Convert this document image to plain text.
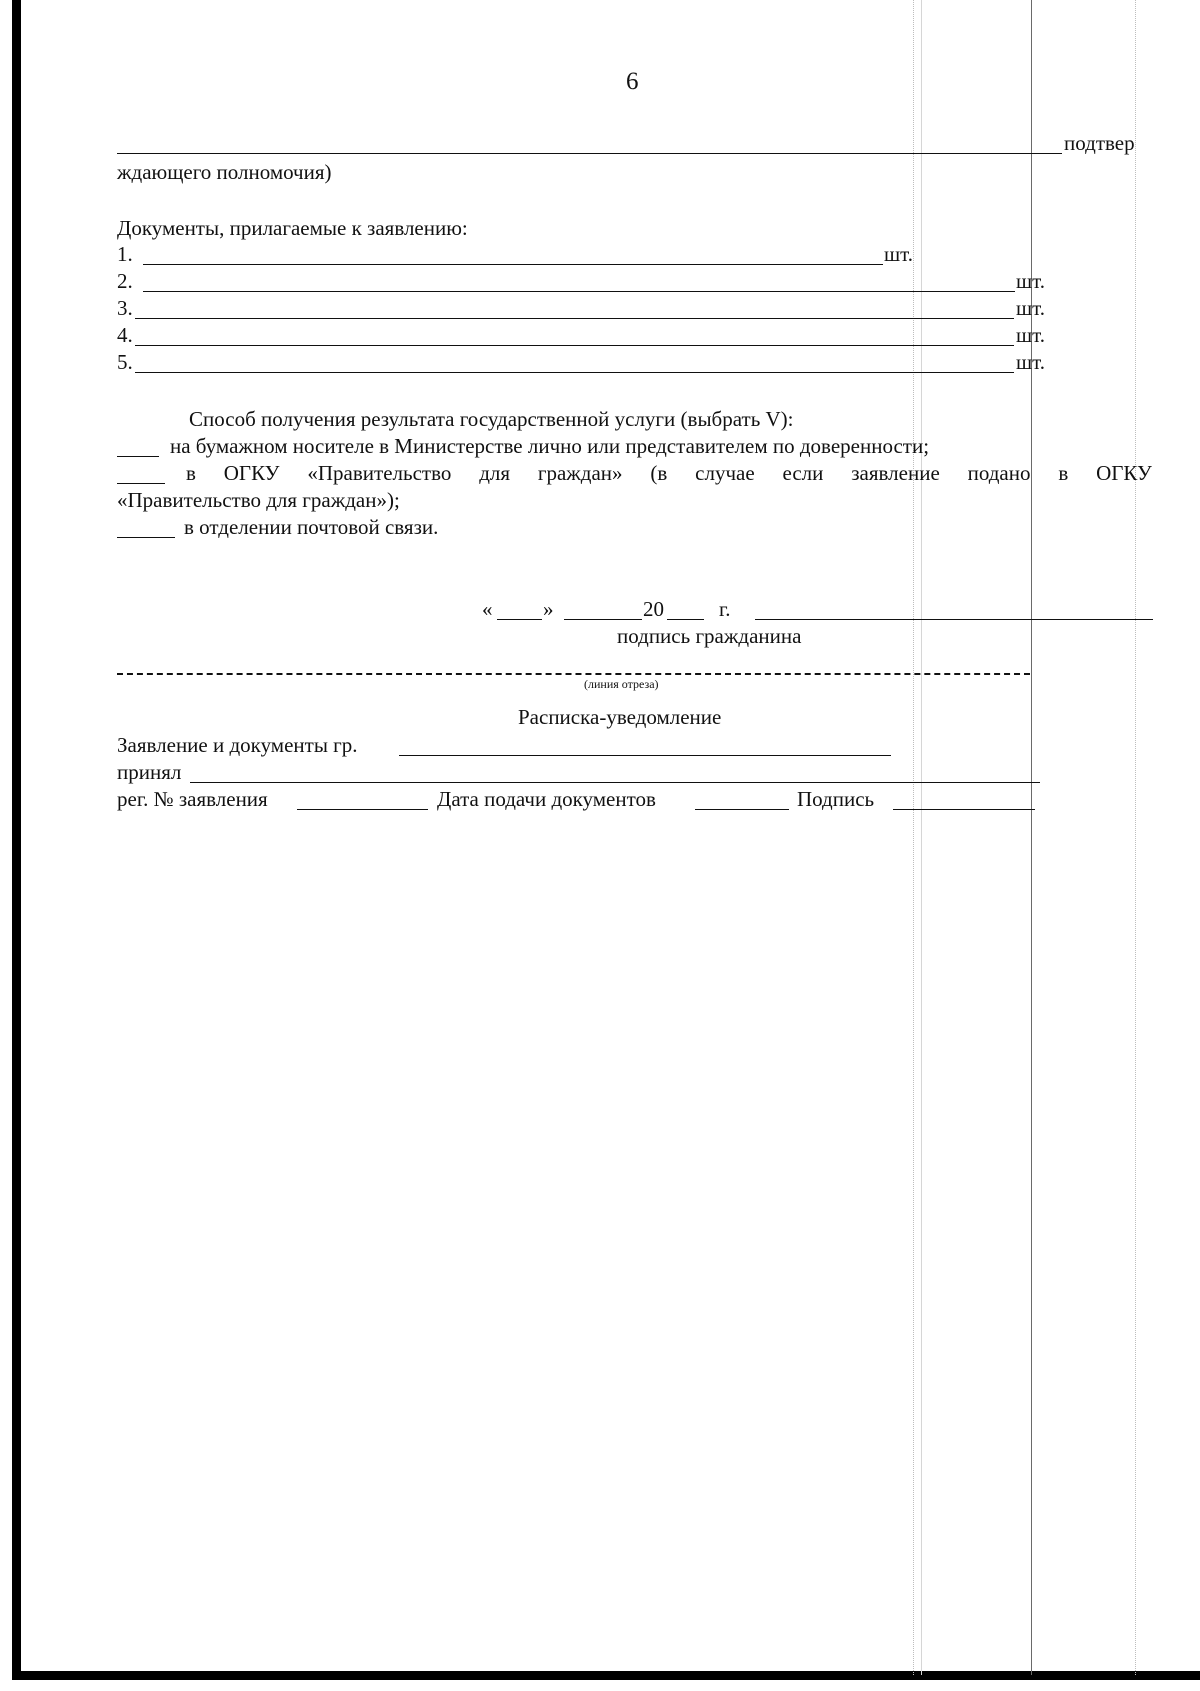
6
подтвер
ждающего полномочия)
Документы, прилагаемые к заявлению:
1.	шт.
2.	шт.
3.	шт.
4.	шт.
5.	шт.
Способ получения результата государственной услуги (выбрать V):
на бумажном носителе в Министерстве лично или представителем по доверенности;
в ОГКУ «Правительство для граждан» (в случае если заявление подано в ОГКУ
«Правительство для граждан»);
в отделении почтовой связи.
« »	20	г.
подпись гражданина
(линия отреза)
Расписка-уведомление
Заявление и документы гр.
принял
рег. № заявления	Дата подачи документов	Подпись
